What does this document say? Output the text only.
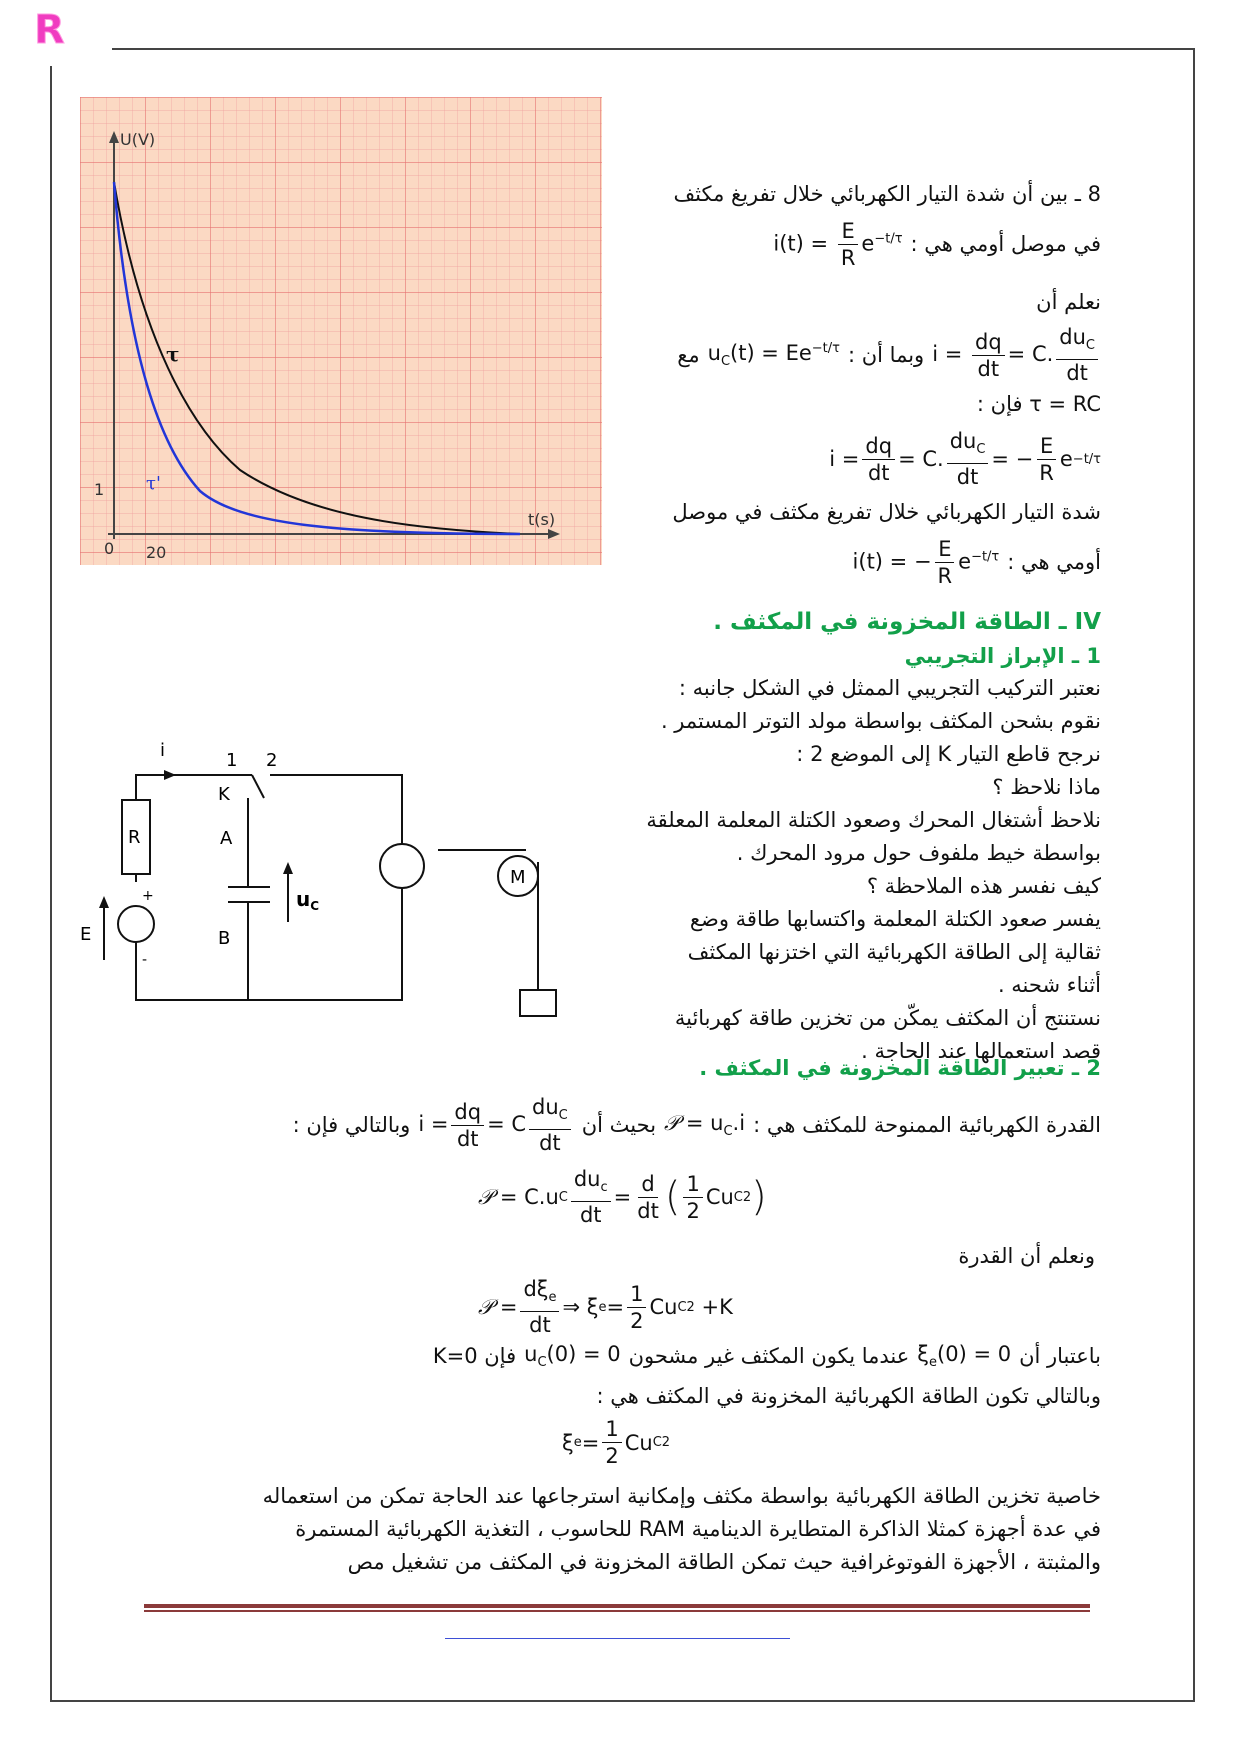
R
U(V)
t(s)
1
0 20
τ
τ'
8 ـ بين أن شدة التيار الكهربائي خلال تفريغ مكثف
في موصل أومي هي :
$i(t) = \frac{E}{R} e^{-t/\tau}$
نعلم أن
$i = \frac{dq}{dt} = C$. $\frac{du_C}{dt}$
وبما أن :
$u_C(t) = Ee^{-t/\tau}$
مع
τ = RC فإن :
$i = \frac{dq}{dt} = C$. $\frac{du_C}{dt}$ = − $\frac{E}{R}$ e −t/τ
شدة التيار الكهربائي خلال تفريغ مكثف في موصل
أومي هي :
i(t) = − $\frac{E}{R} e^{-t/\tau}$
IV ـ الطاقة المخزونة في المكثف .
1 ـ الإبراز التجريبي
نعتبر التركيب التجريبي الممثل في الشكل جانبه :
نقوم بشحن المكثف بواسطة مولد التوتر المستمر .
نرجح قاطع التيار K إلى الموضع 2 :
ماذا نلاحظ ؟
نلاحظ أشتغال المحرك وصعود الكتلة المعلمة المعلقة
بواسطة خيط ملفوف حول مرود المحرك .
كيف نفسر هذه الملاحظة ؟
يفسر صعود الكتلة المعلمة واكتسابها طاقة وضع
ثقالية إلى الطاقة الكهربائية التي اختزنها المكثف
أثناء شحنه .
نستنتج أن المكثف يمكّن من تخزين طاقة كهربائية
قصد استعمالها عند الحاجة .
2 ـ تعبير الطاقة المخزونة في المكثف .
i	1 2
K
R	A
B
$u_C$
E
+
-
M
القدرة الكهربائية الممنوحة للمكثف هي :
𝒫 = $u_C.i$
بحيث أن
$i = \frac{dq}{dt} = C \frac{du_C}{dt}$
وبالتالي فإن :
𝒫 = C.u C $\frac{du_c}{dt} = \frac{d}{dt}$ ( $\frac{1}{2}$ Cu C 2 )
ونعلم أن القدرة
𝒫 = $\frac{d\xi_e}{dt}$ ⇒ ξ $e = \frac{1}{2}$ Cu C 2 +K
باعتبار أن
$\xi_e(0) = 0$
عندما يكون المكثف غير مشحون
$u_C(0) = 0$
فإن K=0
وبالتالي تكون الطاقة الكهربائية المخزونة في المكثف هي :
ξ $e = \frac{1}{2}$ Cu C 2
خاصية تخزين الطاقة الكهربائية بواسطة مكثف وإمكانية استرجاعها عند الحاجة تمكن من استعماله
في عدة أجهزة كمثلا الذاكرة المتطايرة الدينامية RAM للحاسوب ، التغذية الكهربائية المستمرة
والمثبتة ، الأجهزة الفوتوغرافية حيث تمكن الطاقة المخزونة في المكثف من تشغيل مص
